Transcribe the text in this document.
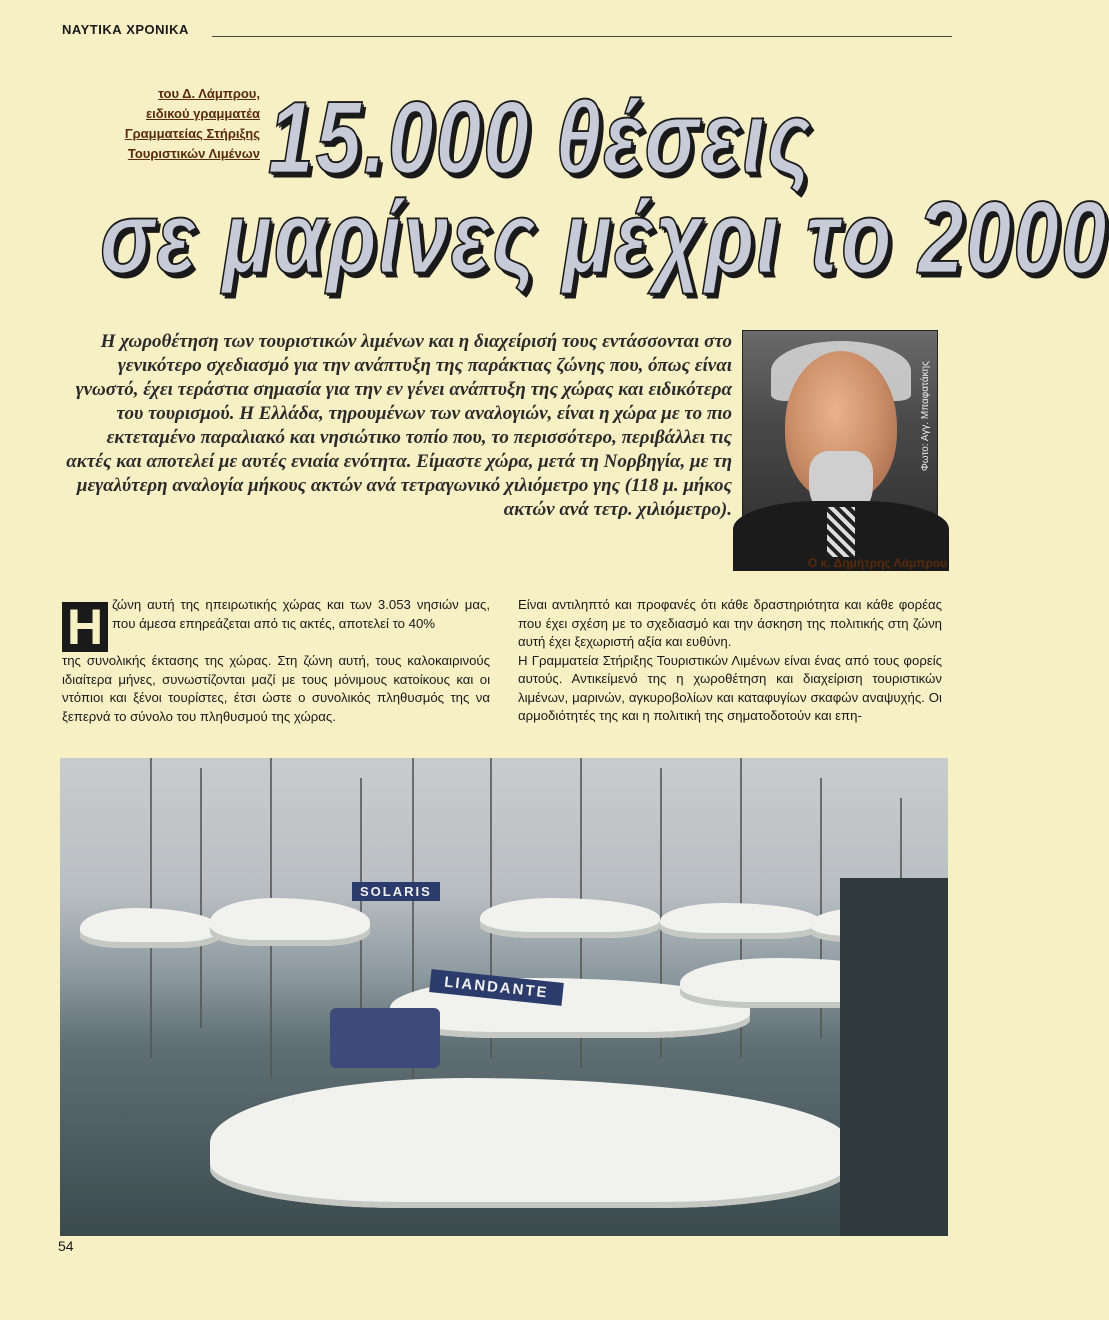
ΝΑΥΤΙΚΑ ΧΡΟΝΙΚΑ
του Δ. Λάμπρου,
ειδικού γραμματέα
Γραμματείας Στήριξης
Τουριστικών Λιμένων 15.000 θέσεις
σε μαρίνες μέχρι το 2000

Η χωροθέτηση των τουριστικών λιμένων και η διαχείρισή τους εντάσσονται στο γενικότερο σχεδιασμό για την ανάπτυξη της παράκτιας ζώνης που, όπως είναι γνωστό, έχει τεράστια σημασία για την εν γένει ανάπτυξη της χώρας και ειδικότερα του τουρισμού. Η Ελλάδα, τηρουμένων των αναλογιών, είναι η χώρα με το πιο εκτεταμένο παραλιακό και νησιώτικο τοπίο που, το περισσότερο, περιβάλλει τις ακτές και αποτελεί με αυτές ενιαία ενότητα. Είμαστε χώρα, μετά τη Νορβηγία, με τη μεγαλύτερη αναλογία μήκους ακτών ανά τετραγωνικό χιλιόμετρο γης (118 μ. μήκος ακτών ανά τετρ. χιλιόμετρο).

Φωτο: Αγγ. Μπαφατάκης
Ο κ. Δημήτρης Λάμπρου
Η ζώνη αυτή της ηπειρωτικής χώρας και των 3.053 νησιών μας, που άμεσα επηρεάζεται από τις ακτές, αποτελεί το 40%

της συνολικής έκτασης της χώρας. Στη ζώνη αυτή, τους καλοκαιρινούς ιδιαίτερα μήνες, συνωστίζονται μαζί με τους μόνιμους κατοίκους και οι ντόπιοι και ξένοι τουρίστες, έτσι ώστε ο συνολικός πληθυσμός της να ξεπερνά το σύνολο του πληθυσμού της χώρας.

Είναι αντιληπτό και προφανές ότι κάθε δραστηριότητα και κάθε φορέας που έχει σχέση με το σχεδιασμό και την άσκηση της πολιτικής στη ζώνη αυτή έχει ξεχωριστή αξία και ευθύνη.

Η Γραμματεία Στήριξης Τουριστικών Λιμένων είναι ένας από τους φορείς αυτούς. Αντικείμενό της η χωροθέτηση και διαχείριση τουριστικών λιμένων, μαρινών, αγκυροβολίων και καταφυγίων σκαφών αναψυχής. Οι αρμοδιότητές της και η πολιτική της σηματοδοτούν και επη-

SOLARIS
LIANDANTE
54
